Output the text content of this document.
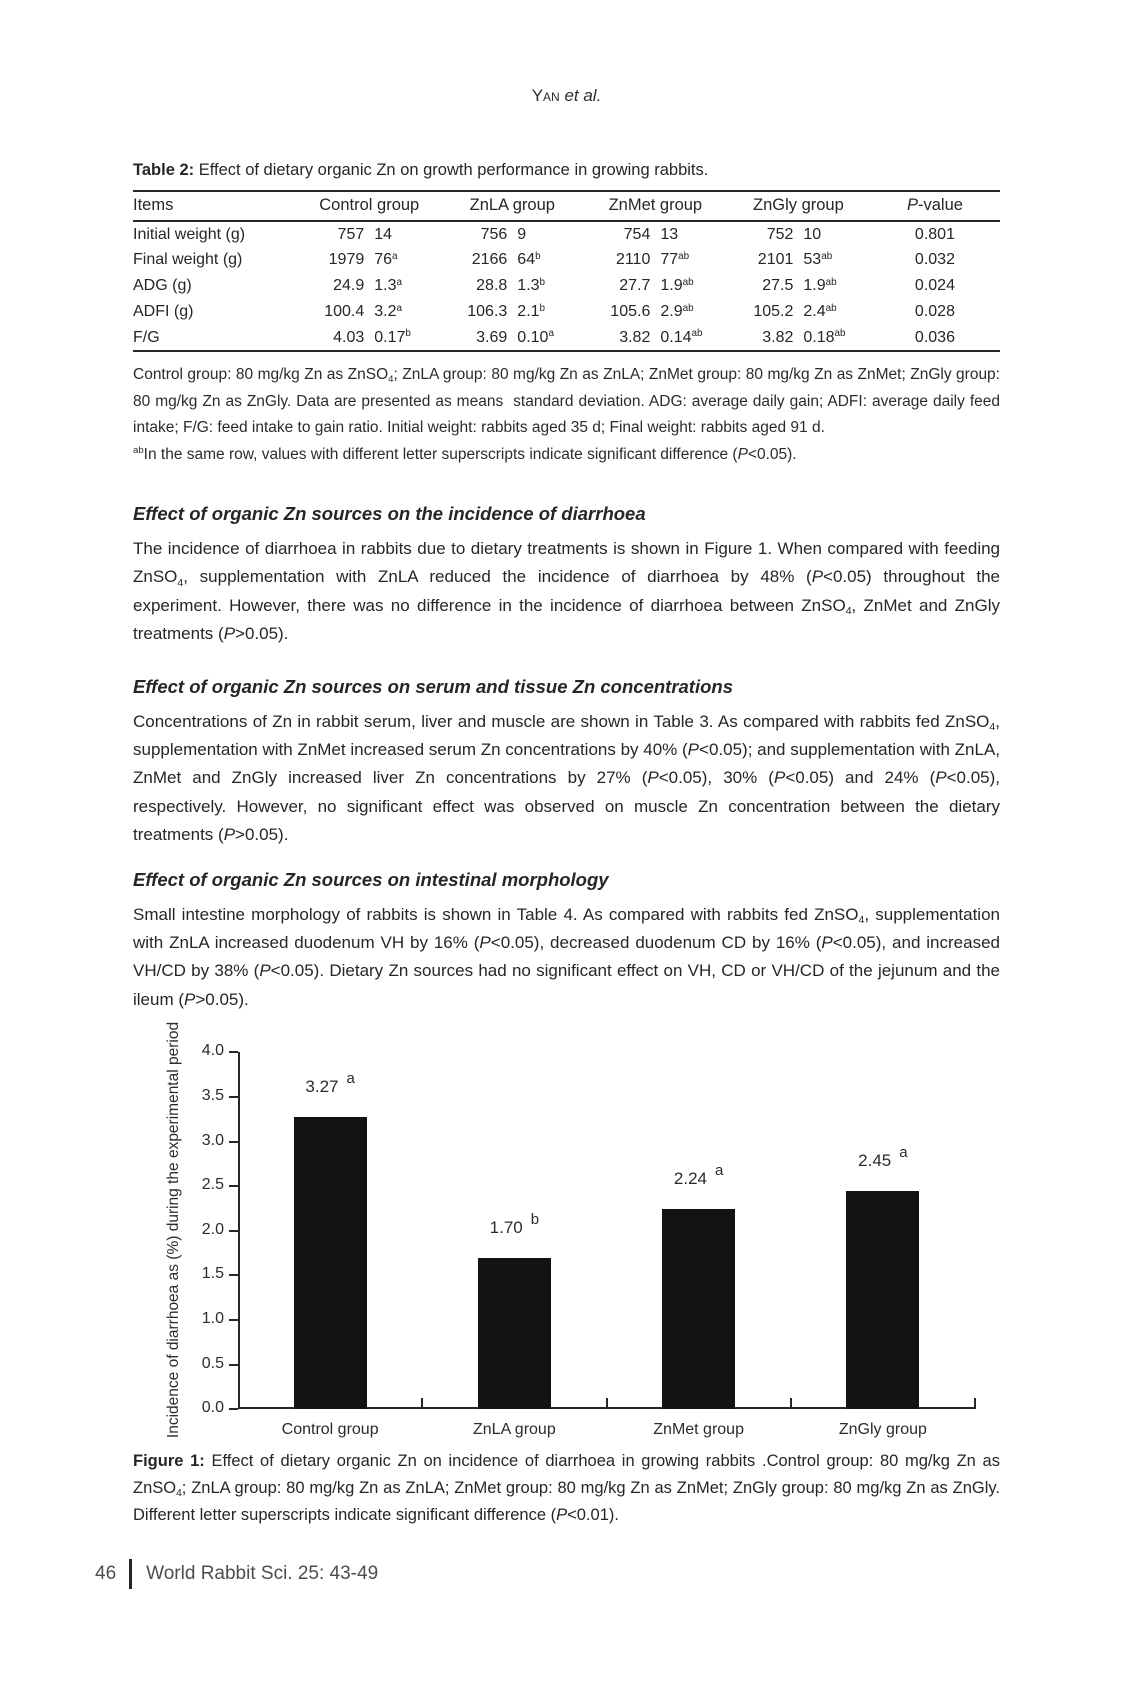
Yan et al.
Table 2: Effect of dietary organic Zn on growth performance in growing rabbits.
Items	Control group	ZnLA group	ZnMet group	ZnGly group	P-value
Initial weight (g)	757 14	756 9	754 13	752 10	0.801
Final weight (g)	1979 76$^a$	2166 64$^b$	2110 $77^{ab}$	2101 $53^{ab}$	0.032
ADG (g)	24.9 1.3$^a$	28.8 1.3$^b$	27.7 1.9$^{ab}$	27.5 1.9$^{ab}$	0.024
ADFI (g)	100.4 3.2$^a$	106.3 2.1$^b$	105.6 2.9$^{ab}$	105.2 2.4$^{ab}$	0.028
F/G	4.03 0.17$^b$	3.69 0.10$^a$	3.82 0.14$^{ab}$	3.82 0.18$^{ab}$	0.036
Control group: 80 mg/kg Zn as ZnSO$_4$; ZnLA group: 80 mg/kg Zn as ZnLA; ZnMet group: 80 mg/kg Zn as ZnMet; ZnGly group: 80 mg/kg Zn as ZnGly. Data are presented as means  standard deviation. ADG: average daily gain; ADFI: average daily feed intake; F/G: feed intake to gain ratio. Initial weight: rabbits aged 35 d; Final weight: rabbits aged 91 d.
$^{ab}$In the same row, values with different letter superscripts indicate significant difference (P<0.05).
Effect of organic Zn sources on the incidence of diarrhoea
The incidence of diarrhoea in rabbits due to dietary treatments is shown in Figure 1. When compared with feeding ZnSO$_4$, supplementation with ZnLA reduced the incidence of diarrhoea by 48% (P<0.05) throughout the experiment. However, there was no difference in the incidence of diarrhoea between ZnSO$_4$, ZnMet and ZnGly treatments (P>0.05).
Effect of organic Zn sources on serum and tissue Zn concentrations
Concentrations of Zn in rabbit serum, liver and muscle are shown in Table 3. As compared with rabbits fed ZnSO$_4$, supplementation with ZnMet increased serum Zn concentrations by 40% (P<0.05); and supplementation with ZnLA, ZnMet and ZnGly increased liver Zn concentrations by 27% (P<0.05), 30% (P<0.05) and 24% (P<0.05), respectively. However, no significant effect was observed on muscle Zn concentration between the dietary treatments (P>0.05).
Effect of organic Zn sources on intestinal morphology
Small intestine morphology of rabbits is shown in Table 4. As compared with rabbits fed ZnSO$_4$, supplementation with ZnLA increased duodenum VH by 16% (P<0.05), decreased duodenum CD by 16% (P<0.05), and increased VH/CD by 38% (P<0.05). Dietary Zn sources had no significant effect on VH, CD or VH/CD of the jejunum and the ileum (P>0.05).
Incidence of diarrhoea as (%) during the experimental period	4.0
3.5
3.0
2.5
2.0
1.5
1.0
0.5
0.0
3.27 a
Control group
1.70 b
ZnLA group
2.24 a
ZnMet group
2.45 a
ZnGly group
Figure 1: Effect of dietary organic Zn on incidence of diarrhoea in growing rabbits .Control group: 80 mg/kg Zn as ZnSO$_4$; ZnLA group: 80 mg/kg Zn as ZnLA; ZnMet group: 80 mg/kg Zn as ZnMet; ZnGly group: 80 mg/kg Zn as ZnGly. Different letter superscripts indicate significant difference (P<0.01).
46 World Rabbit Sci. 25: 43-49
